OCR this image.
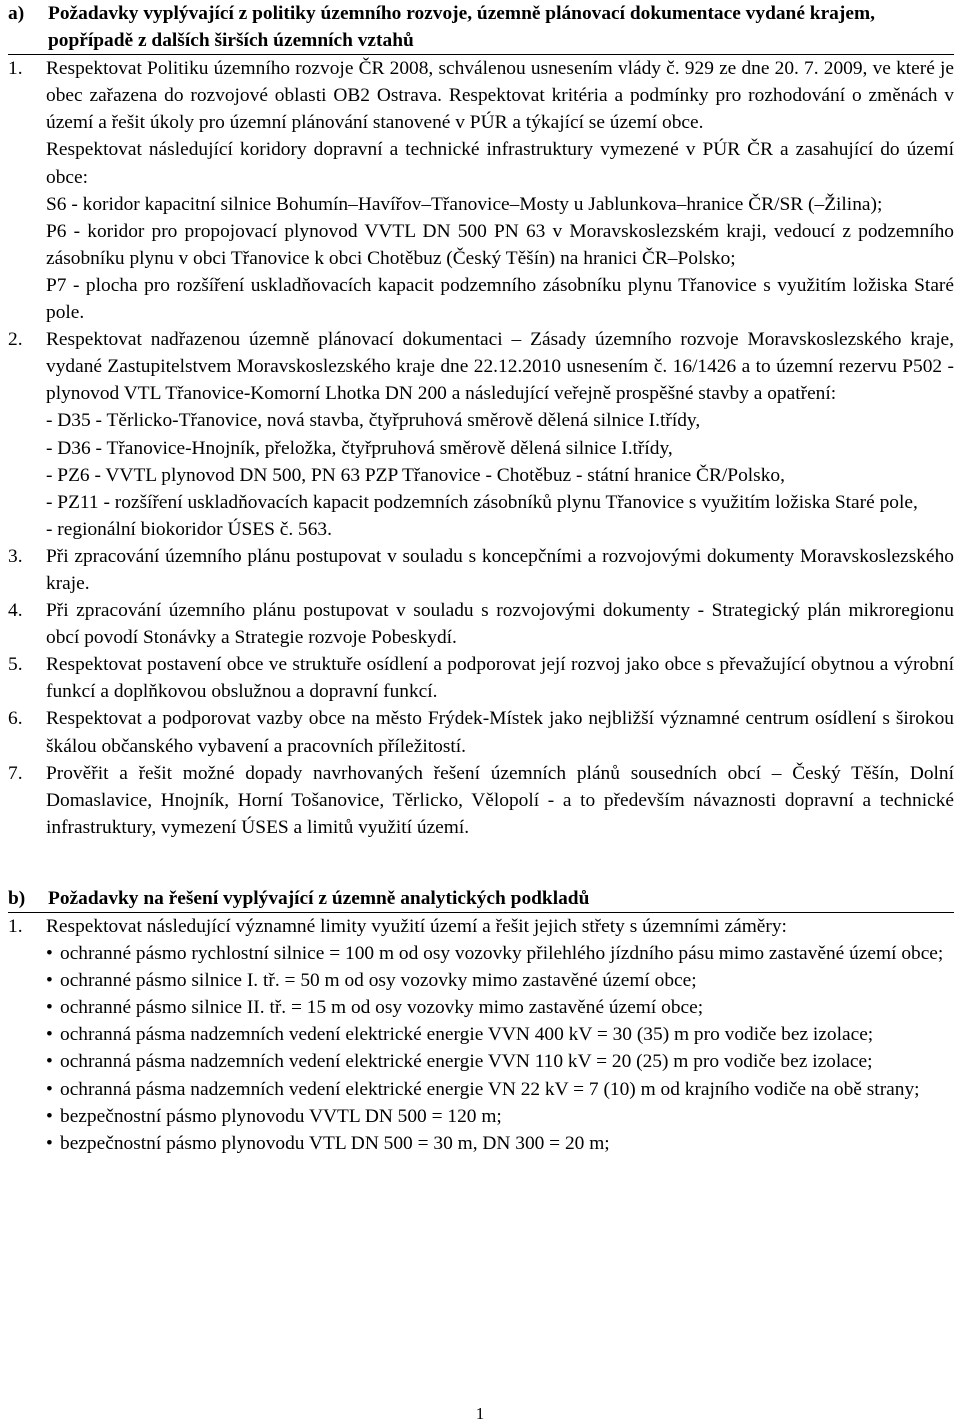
a)	Požadavky vyplývající z politiky územního rozvoje, územně plánovací dokumentace vydané krajem, popřípadě z dalších širších územních vztahů
1.	Respektovat Politiku územního rozvoje ČR 2008, schválenou usnesením vlády č. 929 ze dne 20. 7. 2009, ve které je obec zařazena do rozvojové oblasti OB2 Ostrava. Respektovat kritéria a podmínky pro rozhodování o změnách v území a řešit úkoly pro územní plánování stanovené v PÚR a týkající se území obce.

Respektovat následující koridory dopravní a technické infrastruktury vymezené v PÚR ČR a zasahující do území obce:

S6 - koridor kapacitní silnice Bohumín–Havířov–Třanovice–Mosty u Jablunkova–hranice ČR/SR (–Žilina);

P6 - koridor pro propojovací plynovod VVTL DN 500 PN 63 v Moravskoslezském kraji, vedoucí z podzemního zásobníku plynu v obci Třanovice k obci Chotěbuz (Český Těšín) na hranici ČR–Polsko;

P7 - plocha pro rozšíření uskladňovacích kapacit podzemního zásobníku plynu Třanovice s využitím ložiska Staré pole.

2.	Respektovat nadřazenou územně plánovací dokumentaci – Zásady územního rozvoje Moravskoslezského kraje, vydané Zastupitelstvem Moravskoslezského kraje dne 22.12.2010 usnesením č. 16/1426 a to územní rezervu P502 - plynovod VTL Třanovice-Komorní Lhotka DN 200 a následující veřejně prospěšné stavby a opatření:

- D35 - Těrlicko-Třanovice, nová stavba, čtyřpruhová směrově dělená silnice I.třídy,

- D36 - Třanovice-Hnojník, přeložka, čtyřpruhová směrově dělená silnice I.třídy,

- PZ6 - VVTL plynovod DN 500, PN 63 PZP Třanovice - Chotěbuz - státní hranice ČR/Polsko,

- PZ11 - rozšíření uskladňovacích kapacit podzemních zásobníků plynu Třanovice s využitím ložiska Staré pole,

- regionální biokoridor ÚSES č. 563.

3.	Při zpracování územního plánu postupovat v souladu s koncepčními a rozvojovými dokumenty Moravskoslezského kraje.

4.	Při zpracování územního plánu postupovat v souladu s rozvojovými dokumenty - Strategický plán mikroregionu obcí povodí Stonávky a Strategie rozvoje Pobeskydí.

5.	Respektovat postavení obce ve struktuře osídlení a podporovat její rozvoj jako obce s převažující obytnou a výrobní funkcí a doplňkovou obslužnou a dopravní funkcí.

6.	Respektovat a podporovat vazby obce na město Frýdek-Místek jako nejbližší významné centrum osídlení s širokou škálou občanského vybavení a pracovních příležitostí.

7.	Prověřit a řešit možné dopady navrhovaných řešení územních plánů sousedních obcí – Český Těšín, Dolní Domaslavice, Hnojník, Horní Tošanovice, Těrlicko, Vělopolí - a to především návaznosti dopravní a technické infrastruktury, vymezení ÚSES a limitů využití území.

b)	Požadavky na řešení vyplývající z územně analytických podkladů
1.	Respektovat následující významné limity využití území a řešit jejich střety s územními záměry:

• ochranné pásmo rychlostní silnice = 100 m od osy vozovky přilehlého jízdního pásu mimo zastavěné území obce;
• ochranné pásmo silnice I. tř. = 50 m od osy vozovky mimo zastavěné území obce;
• ochranné pásmo silnice II. tř. = 15 m od osy vozovky mimo zastavěné území obce;
• ochranná pásma nadzemních vedení elektrické energie VVN 400 kV = 30 (35) m pro vodiče bez izolace;
• ochranná pásma nadzemních vedení elektrické energie VVN 110 kV = 20 (25) m pro vodiče bez izolace;
• ochranná pásma nadzemních vedení elektrické energie VN 22 kV = 7 (10) m od krajního vodiče na obě strany;
• bezpečnostní pásmo plynovodu VVTL DN 500 = 120 m;
• bezpečnostní pásmo plynovodu VTL DN 500 = 30 m, DN 300 = 20 m;
1
